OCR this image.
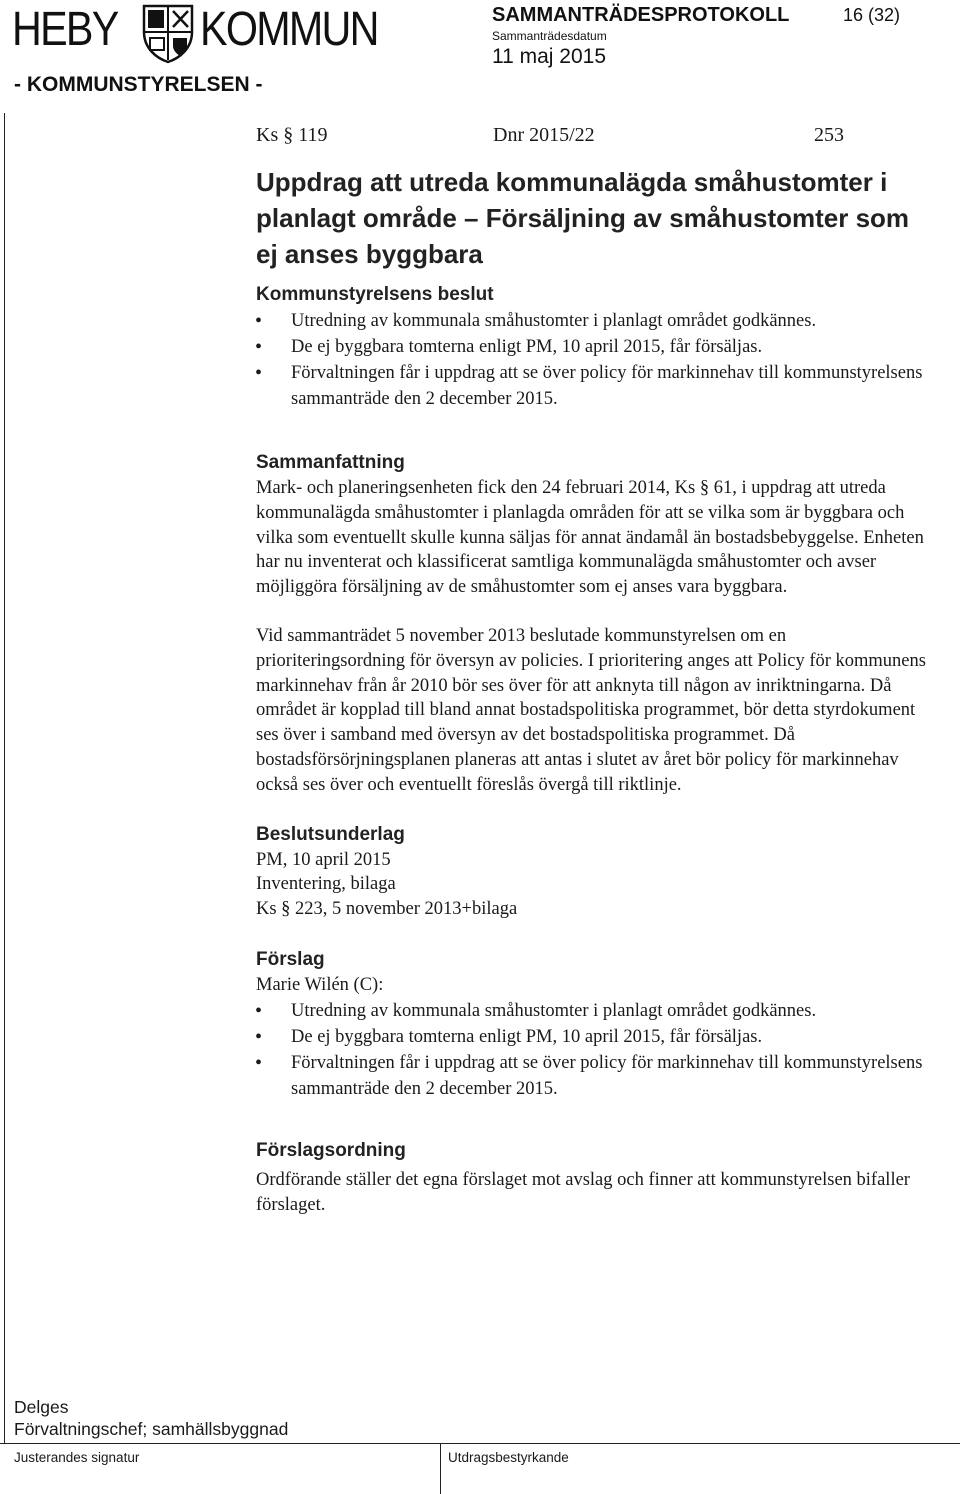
HEBY KOMMUN
- KOMMUNSTYRELSEN -
SAMMANTRÄDESPROTOKOLL
Sammanträdesdatum
11 maj 2015
16 (32)
Ks § 119	Dnr 2015/22	253
Uppdrag att utreda kommunalägda småhustomter i planlagt område – Försäljning av småhustomter som ej anses byggbara
Kommunstyrelsens beslut
• Utredning av kommunala småhustomter i planlagt området godkännes.
• De ej byggbara tomterna enligt PM, 10 april 2015, får försäljas.
• Förvaltningen får i uppdrag att se över policy för markinnehav till kommunstyrelsens sammanträde den 2 december 2015.
Sammanfattning

Mark- och planeringsenheten fick den 24 februari 2014, Ks § 61, i uppdrag att utreda kommunalägda småhustomter i planlagda områden för att se vilka som är byggbara och vilka som eventuellt skulle kunna säljas för annat ändamål än bostadsbebyggelse. Enheten har nu inventerat och klassificerat samtliga kommunalägda småhustomter och avser möjliggöra försäljning av de småhustomter som ej anses vara byggbara.

Vid sammanträdet 5 november 2013 beslutade kommunstyrelsen om en prioriteringsordning för översyn av policies. I prioritering anges att Policy för kommunens markinnehav från år 2010 bör ses över för att anknyta till någon av inriktningarna. Då området är kopplad till bland annat bostadspolitiska programmet, bör detta styrdokument ses över i samband med översyn av det bostadspolitiska programmet. Då bostadsförsörjningsplanen planeras att antas i slutet av året bör policy för markinnehav också ses över och eventuellt föreslås övergå till riktlinje.

Beslutsunderlag

PM, 10 april 2015

Inventering, bilaga

Ks § 223, 5 november 2013+bilaga

Förslag

Marie Wilén (C):

• Utredning av kommunala småhustomter i planlagt området godkännes.
• De ej byggbara tomterna enligt PM, 10 april 2015, får försäljas.
• Förvaltningen får i uppdrag att se över policy för markinnehav till kommunstyrelsens sammanträde den 2 december 2015.
Förslagsordning

Ordförande ställer det egna förslaget mot avslag och finner att kommunstyrelsen bifaller förslaget.

Delges
Förvaltningschef; samhällsbyggnad
Justerandes signatur	Utdragsbestyrkande
